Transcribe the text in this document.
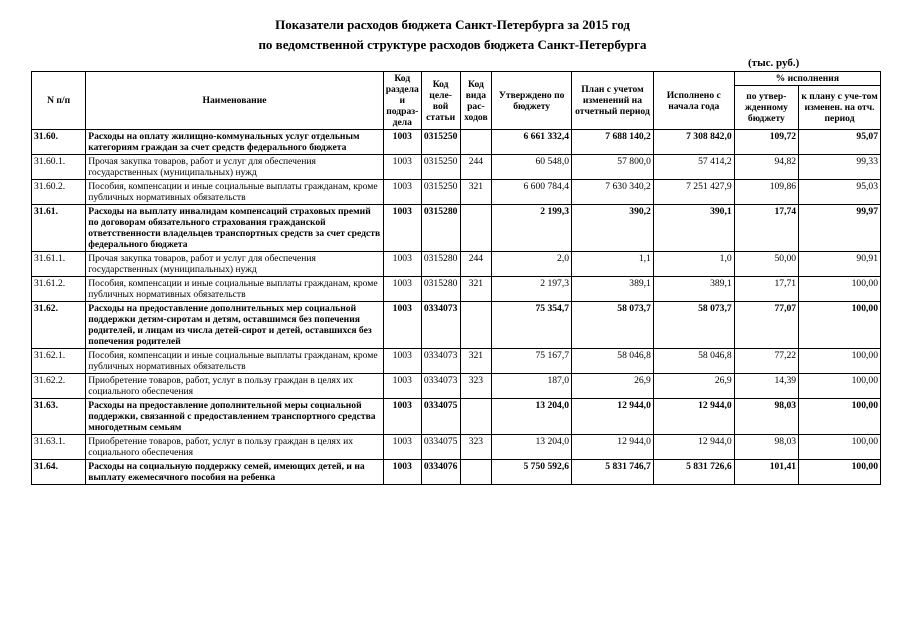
Показатели расходов бюджета Санкт-Петербурга за 2015 год
по ведомственной структуре расходов бюджета Санкт-Петербурга
(тыс. руб.)
N п/п	Наименование	Код раздела и подраз-дела	Код целе-вой статьи	Код вида рас-ходов	Утверждено по бюджету	План с учетом изменений на отчетный период	Исполнено с начала года	% исполнения	
								по утвер-жденному бюджету	к плану с уче-том изменен. на отч. период
31.60.	Расходы на оплату жилищно-коммунальных услуг отдельным категориям граждан за счет средств федерального бюджета	1003	0315250		6 661 332,4	7 688 140,2	7 308 842,0	109,72	95,07
31.60.1.	Прочая закупка товаров, работ и услуг для обеспечения государственных (муниципальных) нужд	1003	0315250	244	60 548,0	57 800,0	57 414,2	94,82	99,33
31.60.2.	Пособия, компенсации и иные социальные выплаты гражданам, кроме публичных нормативных обязательств	1003	0315250	321	6 600 784,4	7 630 340,2	7 251 427,9	109,86	95,03
31.61.	Расходы на выплату инвалидам компенсаций страховых премий по договорам обязательного страхования гражданской ответственности владельцев транспортных средств за счет средств федерального бюджета	1003	0315280		2 199,3	390,2	390,1	17,74	99,97
31.61.1.	Прочая закупка товаров, работ и услуг для обеспечения государственных (муниципальных) нужд	1003	0315280	244	2,0	1,1	1,0	50,00	90,91
31.61.2.	Пособия, компенсации и иные социальные выплаты гражданам, кроме публичных нормативных обязательств	1003	0315280	321	2 197,3	389,1	389,1	17,71	100,00
31.62.	Расходы на предоставление дополнительных мер социальной поддержки детям-сиротам и детям, оставшимся без попечения родителей, и лицам из числа детей-сирот и детей, оставшихся без попечения родителей	1003	0334073		75 354,7	58 073,7	58 073,7	77,07	100,00
31.62.1.	Пособия, компенсации и иные социальные выплаты гражданам, кроме публичных нормативных обязательств	1003	0334073	321	75 167,7	58 046,8	58 046,8	77,22	100,00
31.62.2.	Приобретение товаров, работ, услуг в пользу граждан в целях их социального обеспечения	1003	0334073	323	187,0	26,9	26,9	14,39	100,00
31.63.	Расходы на предоставление дополнительной меры социальной поддержки, связанной с предоставлением транспортного средства многодетным семьям	1003	0334075		13 204,0	12 944,0	12 944,0	98,03	100,00
31.63.1.	Приобретение товаров, работ, услуг в пользу граждан в целях их социального обеспечения	1003	0334075	323	13 204,0	12 944,0	12 944,0	98,03	100,00
31.64.	Расходы на социальную поддержку семей, имеющих детей, и на выплату ежемесячного пособия на ребенка	1003	0334076		5 750 592,6	5 831 746,7	5 831 726,6	101,41	100,00
